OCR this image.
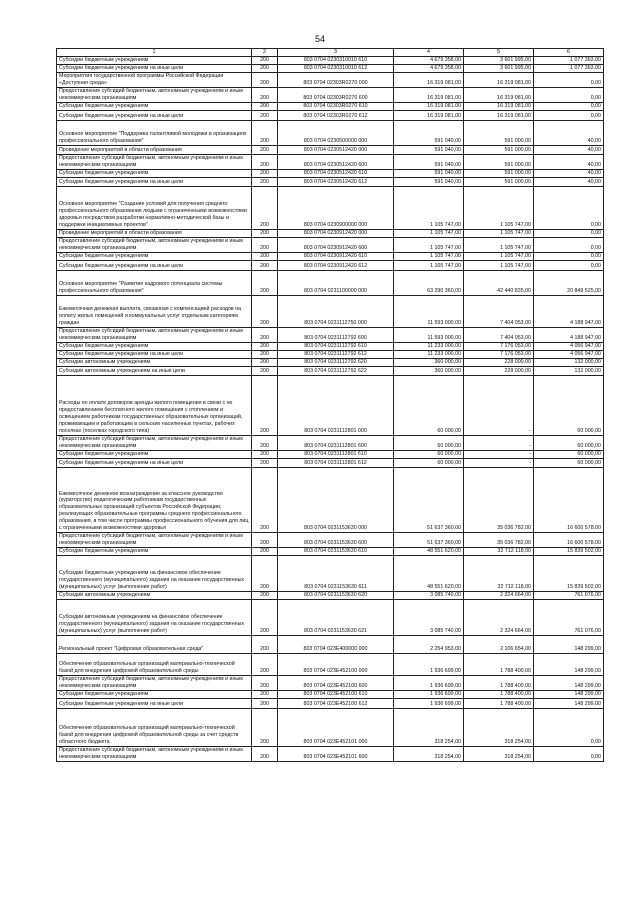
54
1	2	3	4	5	6
Субсидии бюджетным учреждениям	200	803 0704 0230310010 610	4 679 358,00	3 601 995,00	1 077 363,00
Субсидии бюджетным учреждениям на иные цели	200	803 0704 0230310010 612	4 679 358,00	3 601 995,00	1 077 363,00
Мероприятия государственной программы Российской Федерации «Доступная среда»	200	803 0704 02303R0270 000	16 319 081,00	16 319 081,00	0,00
Предоставление субсидий бюджетным, автономным учреждениям и иным некоммерческим организациям	200	803 0704 02303R0270 600	16 319 081,00	16 319 081,00	0,00
Субсидии бюджетным учреждениям	200	803 0704 02303R0270 610	16 319 081,00	16 319 081,00	0,00
Субсидии бюджетным учреждениям на иные цели	200	803 0704 02303R0270 612	16 319 081,00	16 319 081,00	0,00
Основное мероприятие "Поддержка талантливой молодежи в организациях профессионального образования"	200	803 0704 0230500000 000	591 040,00	591 000,00	40,00
Проведение мероприятий в области образования	200	803 0704 0230512420 000	591 040,00	591 000,00	40,00
Предоставление субсидий бюджетным, автономным учреждениям и иным некоммерческим организациям	200	803 0704 0230512420 600	591 040,00	591 000,00	40,00
Субсидии бюджетным учреждениям	200	803 0704 0230512420 610	591 040,00	591 000,00	40,00
Субсидии бюджетным учреждениям на иные цели	200	803 0704 0230512420 612	591 040,00	591 000,00	40,00
Основное мероприятие "Создание условий для получения среднего профессионального образования людьми с ограниченными возможностями здоровья посредством разработки нормативно-методической базы и поддержки инициативных проектов"	200	803 0704 0230900000 000	1 105 747,00	1 105 747,00	0,00
Проведение мероприятий в области образования	200	803 0704 0230912420 000	1 105 747,00	1 105 747,00	0,00
Предоставление субсидий бюджетным, автономным учреждениям и иным некоммерческим организациям	200	803 0704 0230912420 600	1 105 747,00	1 105 747,00	0,00
Субсидии бюджетным учреждениям	200	803 0704 0230912420 610	1 105 747,00	1 105 747,00	0,00
Субсидии бюджетным учреждениям на иные цели	200	803 0704 0230912420 612	1 105 747,00	1 105 747,00	0,00
Основное мероприятие "Развитие кадрового потенциала системы профессионального образования"	200	803 0704 0231100000 000	63 290 360,00	42 440 835,00	20 849 525,00
Ежемесячная денежная выплата, связанная с компенсацией расходов на оплату жилых помещений и коммунальных услуг отдельным категориям граждан	200	803 0704 0231112750 000	11 593 000,00	7 404 053,00	4 188 947,00
Предоставление субсидий бюджетным, автономным учреждениям и иным некоммерческим организациям	200	803 0704 0231112792 600	11 593 000,00	7 404 053,00	4 188 947,00
Субсидии бюджетным учреждениям	200	803 0704 0231112792 610	11 233 000,00	7 176 053,00	4 056 947,00
Субсидии бюджетным учреждениям на иные цели	200	803 0704 0231112792 612	11 233 000,00	7 176 053,00	4 056 947,00
Субсидии автономным учреждениям	200	803 0704 0231112792 620	360 000,00	228 000,00	132 000,00
Субсидии автономным учреждениям на иные цели	200	803 0704 0231112792 622	360 000,00	228 000,00	132 000,00
Расходы по оплате договоров аренды жилого помещения в связи с не предоставлением бесплатного жилого помещения с отоплением и освещением работникам государственных образовательных организаций, проживающим и работающим в сельских населенных пунктах, рабочих поселках (поселках городского типа)	200	803 0704 0231112801 000	60 000,00	-	60 000,00
Предоставление субсидий бюджетным, автономным учреждениям и иным некоммерческим организациям	200	803 0704 0231112801 600	60 000,00	-	60 000,00
Субсидии бюджетным учреждениям	200	803 0704 0231112801 610	60 000,00	-	60 000,00
Субсидии бюджетным учреждениям на иные цели	200	803 0704 0231112801 612	60 000,00	-	60 000,00
Ежемесячное денежное вознаграждение за классное руководство (кураторство) педагогическим работникам государственных образовательных организаций субъектов Российской Федерации, реализующих образовательные программы среднего профессионального образования, в том числе программы профессионального обучения для лиц с ограниченными возможностями здоровья	200	803 0704 0231153630 000	51 637 360,00	35 036 782,00	16 600 578,00
Предоставление субсидий бюджетным, автономным учреждениям и иным некоммерческим организациям	200	803 0704 0231153630 600	51 637 360,00	35 036 782,00	16 600 578,00
Субсидии бюджетным учреждениям	200	803 0704 0231153630 610	48 551 620,00	32 712 118,00	15 839 502,00
Субсидии бюджетным учреждениям на финансовое обеспечение государственного (муниципального) задания на оказание государственных (муниципальных) услуг (выполнение работ)	200	803 0704 0231153630 611	48 551 620,00	32 712 118,00	15 839 502,00
Субсидии автономным учреждениям	200	803 0704 0231153630 620	3 085 740,00	2 324 664,00	761 076,00
Субсидии автономным учреждениям на финансовое обеспечение государственного (муниципального) задания на оказание государственных (муниципальных) услуг (выполнение работ)	200	803 0704 0231153630 621	3 085 740,00	2 324 664,00	761 076,00
Региональный проект "Цифровая образовательная среда"	200	803 0704 023E400000 000	2 254 953,00	2 106 654,00	148 299,00
Обеспечение образовательных организаций материально-технической базой для внедрения цифровой образовательной среды	200	803 0704 023E452100 000	1 936 699,00	1 788 400,00	148 299,00
Предоставление субсидий бюджетным, автономным учреждениям и иным некоммерческим организациям	200	803 0704 023E452100 600	1 936 699,00	1 788 400,00	148 299,00
Субсидии бюджетным учреждениям	200	803 0704 023E452100 610	1 936 699,00	1 788 400,00	148 299,00
Субсидии бюджетным учреждениям на иные цели	200	803 0704 023E452100 612	1 936 699,00	1 788 400,00	148 299,00
Обеспечение образовательных организаций материально-технической базой для внедрения цифровой образовательной среды за счет средств областного бюджета	200	803 0704 023E452101 000	318 254,00	318 254,00	0,00
Предоставление субсидий бюджетным, автономным учреждениям и иным некоммерческим организациям	200	803 0704 023E452101 600	318 254,00	318 254,00	0,00
